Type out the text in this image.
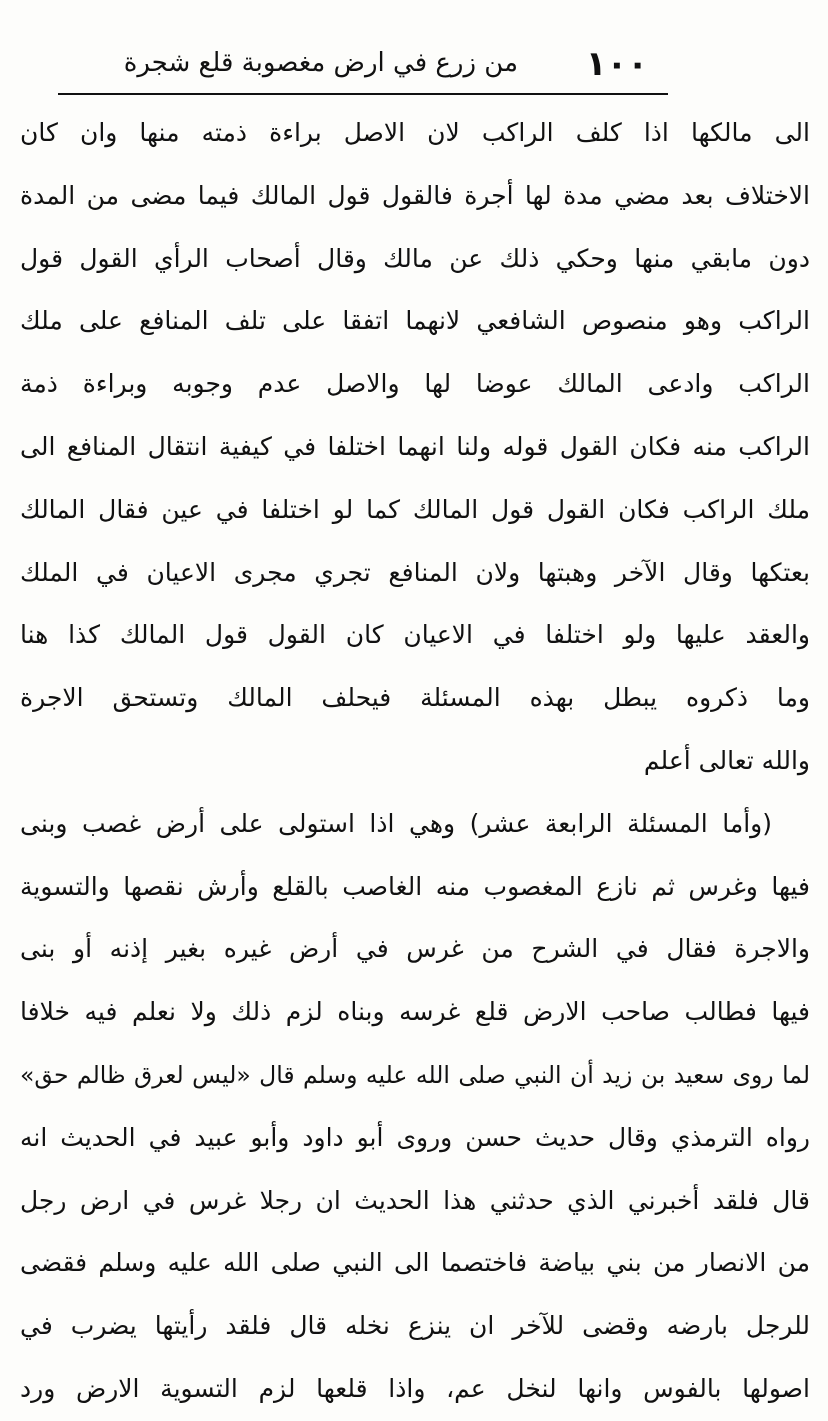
١٠٠
من زرع في ارض مغصوبة قلع شجرة
الى مالكها اذا كلف الراكب لان الاصل براءة ذمته منها وان كان
الاختلاف بعد مضي مدة لها أجرة فالقول قول المالك فيما مضى من المدة
دون مابقي منها وحكي ذلك عن مالك وقال أصحاب الرأي القول قول
الراكب وهو منصوص الشافعي لانهما اتفقا على تلف المنافع على ملك
الراكب وادعى المالك عوضا لها والاصل عدم وجوبه وبراءة ذمة
الراكب منه فكان القول قوله ولنا انهما اختلفا في كيفية انتقال المنافع الى
ملك الراكب فكان القول قول المالك كما لو اختلفا في عين فقال المالك
بعتكها وقال الآخر وهبتها ولان المنافع تجري مجرى الاعيان في الملك
والعقد عليها ولو اختلفا في الاعيان كان القول قول المالك كذا هنا
وما ذكروه يبطل بهذه المسئلة فيحلف المالك وتستحق الاجرة
والله تعالى أعلم
(وأما المسئلة الرابعة عشر) وهي اذا استولى على أرض غصب وبنى
فيها وغرس ثم نازع المغصوب منه الغاصب بالقلع وأرش نقصها والتسوية
والاجرة فقال في الشرح من غرس في أرض غيره بغير إذنه أو بنى
فيها فطالب صاحب الارض قلع غرسه وبناه لزم ذلك ولا نعلم فيه خلافا
لما روى سعيد بن زيد أن النبي صلى الله عليه وسلم قال «ليس لعرق ظالم حق»
رواه الترمذي وقال حديث حسن وروى أبو داود وأبو عبيد في الحديث انه
قال فلقد أخبرني الذي حدثني هذا الحديث ان رجلا غرس في ارض رجل
من الانصار من بني بياضة فاختصما الى النبي صلى الله عليه وسلم فقضى
للرجل بارضه وقضى للآخر ان ينزع نخله قال فلقد رأيتها يضرب في
اصولها بالفوس وانها لنخل عم، واذا قلعها لزم التسوية الارض ورد
